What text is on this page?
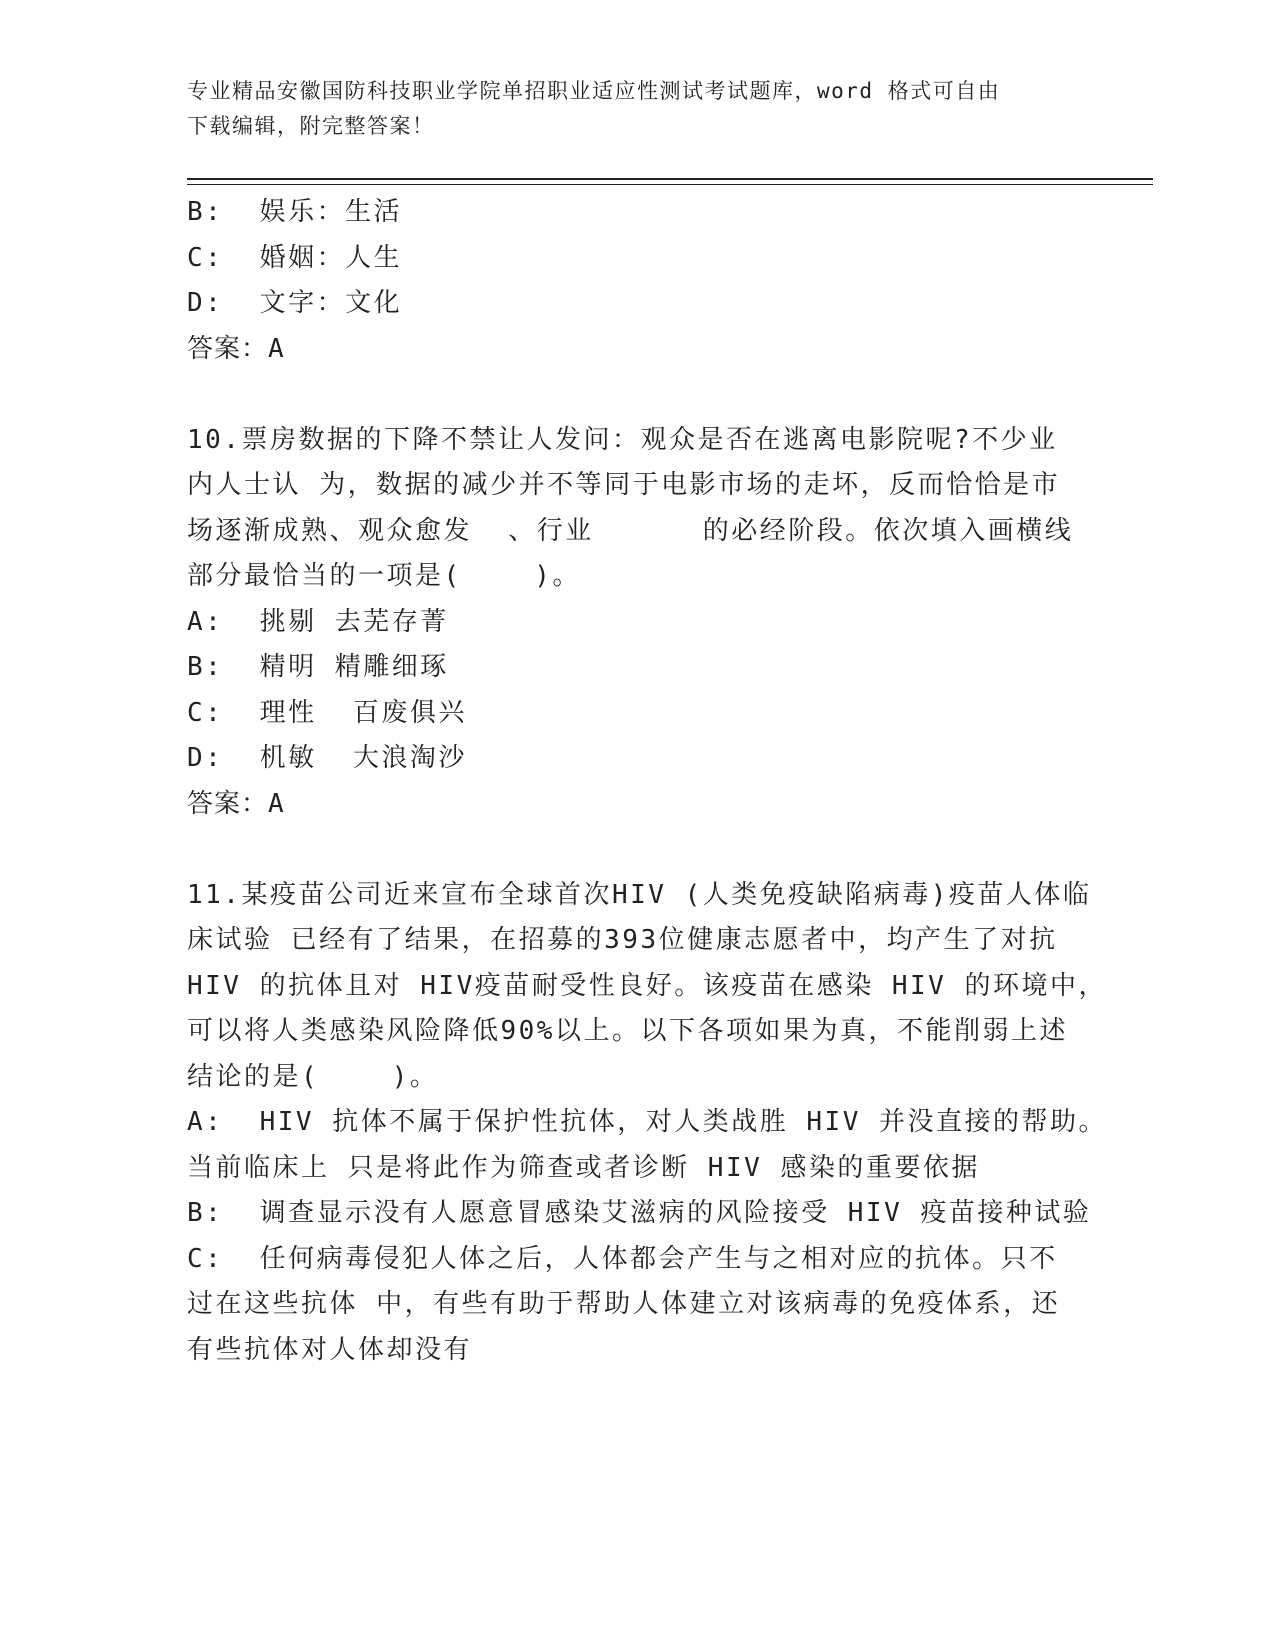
专业精品安徽国防科技职业学院单招职业适应性测试考试题库，word 格式可自由
下载编辑，附完整答案！
B: 娱乐：生活
C: 婚姻：人生
D: 文字：文化
答案：A
10.票房数据的下降不禁让人发问：观众是否在逃离电影院呢?不少业
内人士认 为，数据的减少并不等同于电影市场的走坏，反而恰恰是市
场逐渐成熟、观众愈发  、行业      的必经阶段。依次填入画横线
部分最恰当的一项是(    )。
A: 挑剔 去芜存菁
B: 精明 精雕细琢
C: 理性  百废俱兴
D: 机敏  大浪淘沙
答案：A
11.某疫苗公司近来宣布全球首次HIV (人类免疫缺陷病毒)疫苗人体临
床试验 已经有了结果，在招募的393位健康志愿者中，均产生了对抗
HIV 的抗体且对 HIV疫苗耐受性良好。该疫苗在感染 HIV 的环境中，
可以将人类感染风险降低90%以上。以下各项如果为真，不能削弱上述
结论的是(    )。
A: HIV 抗体不属于保护性抗体，对人类战胜 HIV 并没直接的帮助。
当前临床上 只是将此作为筛查或者诊断 HIV 感染的重要依据
B: 调查显示没有人愿意冒感染艾滋病的风险接受 HIV 疫苗接种试验
C: 任何病毒侵犯人体之后，人体都会产生与之相对应的抗体。只不
过在这些抗体 中，有些有助于帮助人体建立对该病毒的免疫体系，还
有些抗体对人体却没有
